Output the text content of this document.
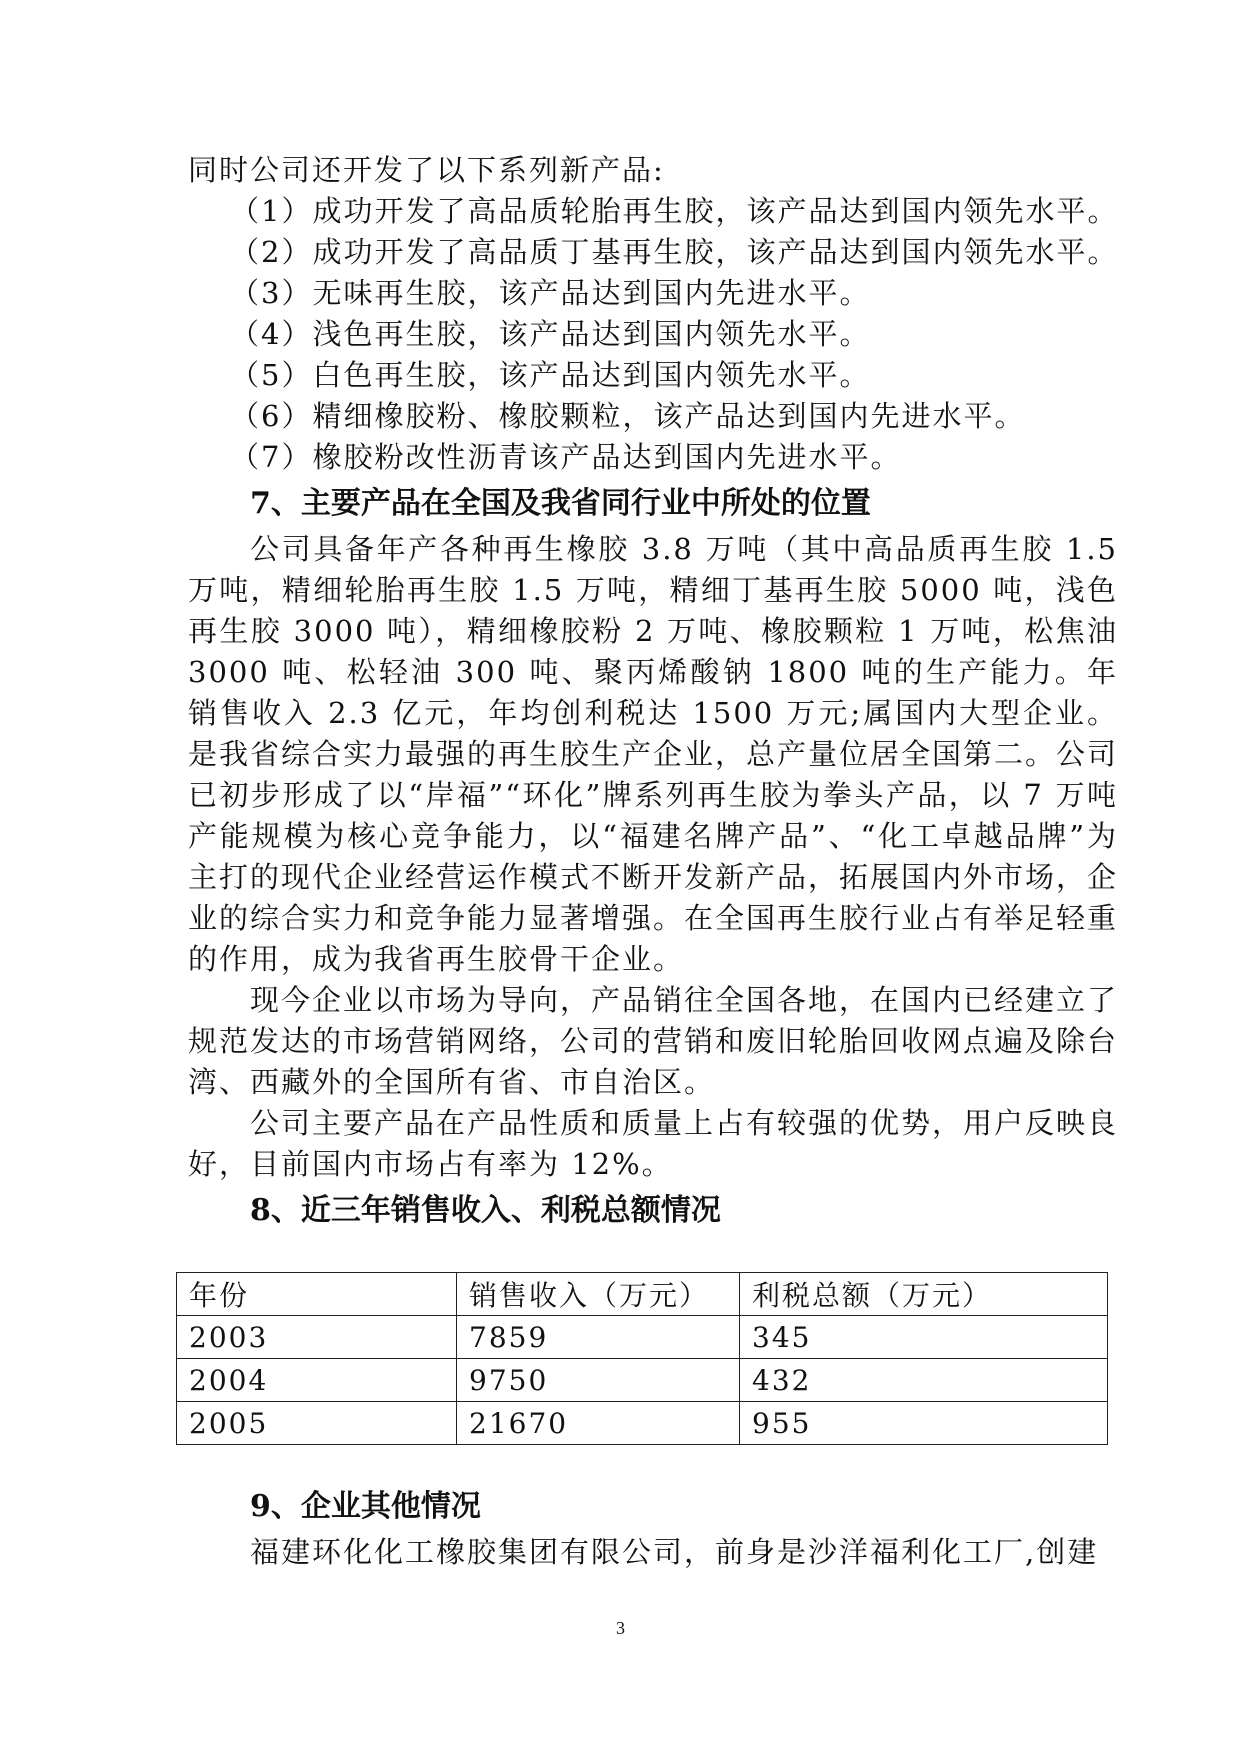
同时公司还开发了以下系列新产品:
（1）成功开发了高品质轮胎再生胶，该产品达到国内领先水平。
（2）成功开发了高品质丁基再生胶，该产品达到国内领先水平。
（3）无味再生胶，该产品达到国内先进水平。
（4）浅色再生胶，该产品达到国内领先水平。
（5）白色再生胶，该产品达到国内领先水平。
（6）精细橡胶粉、橡胶颗粒，该产品达到国内先进水平。
（7）橡胶粉改性沥青该产品达到国内先进水平。
7、主要产品在全国及我省同行业中所处的位置

公司具备年产各种再生橡胶 3.8 万吨（其中高品质再生胶 1.5 万吨，精细轮胎再生胶 1.5 万吨，精细丁基再生胶 5000 吨，浅色再生胶 3000 吨），精细橡胶粉 2 万吨、橡胶颗粒 1 万吨，松焦油 3000 吨、松轻油 300 吨、聚丙烯酸钠 1800 吨的生产能力。年销售收入 2.3 亿元，年均创利税达 1500 万元;属国内大型企业。是我省综合实力最强的再生胶生产企业，总产量位居全国第二。公司已初步形成了以“岸福”“环化”牌系列再生胶为拳头产品，以 7 万吨产能规模为核心竞争能力，以“福建名牌产品”、“化工卓越品牌”为主打的现代企业经营运作模式不断开发新产品，拓展国内外市场，企业的综合实力和竞争能力显著增强。在全国再生胶行业占有举足轻重的作用，成为我省再生胶骨干企业。

现今企业以市场为导向，产品销往全国各地，在国内已经建立了规范发达的市场营销网络，公司的营销和废旧轮胎回收网点遍及除台湾、西藏外的全国所有省、市自治区。

公司主要产品在产品性质和质量上占有较强的优势，用户反映良好，目前国内市场占有率为 12%。

8、近三年销售收入、利税总额情况
年份	销售收入（万元）	利税总额（万元）
2003	7859	345
2004	9750	432
2005	21670	955
9、企业其他情况

福建环化化工橡胶集团有限公司，前身是沙洋福利化工厂,创建

3
